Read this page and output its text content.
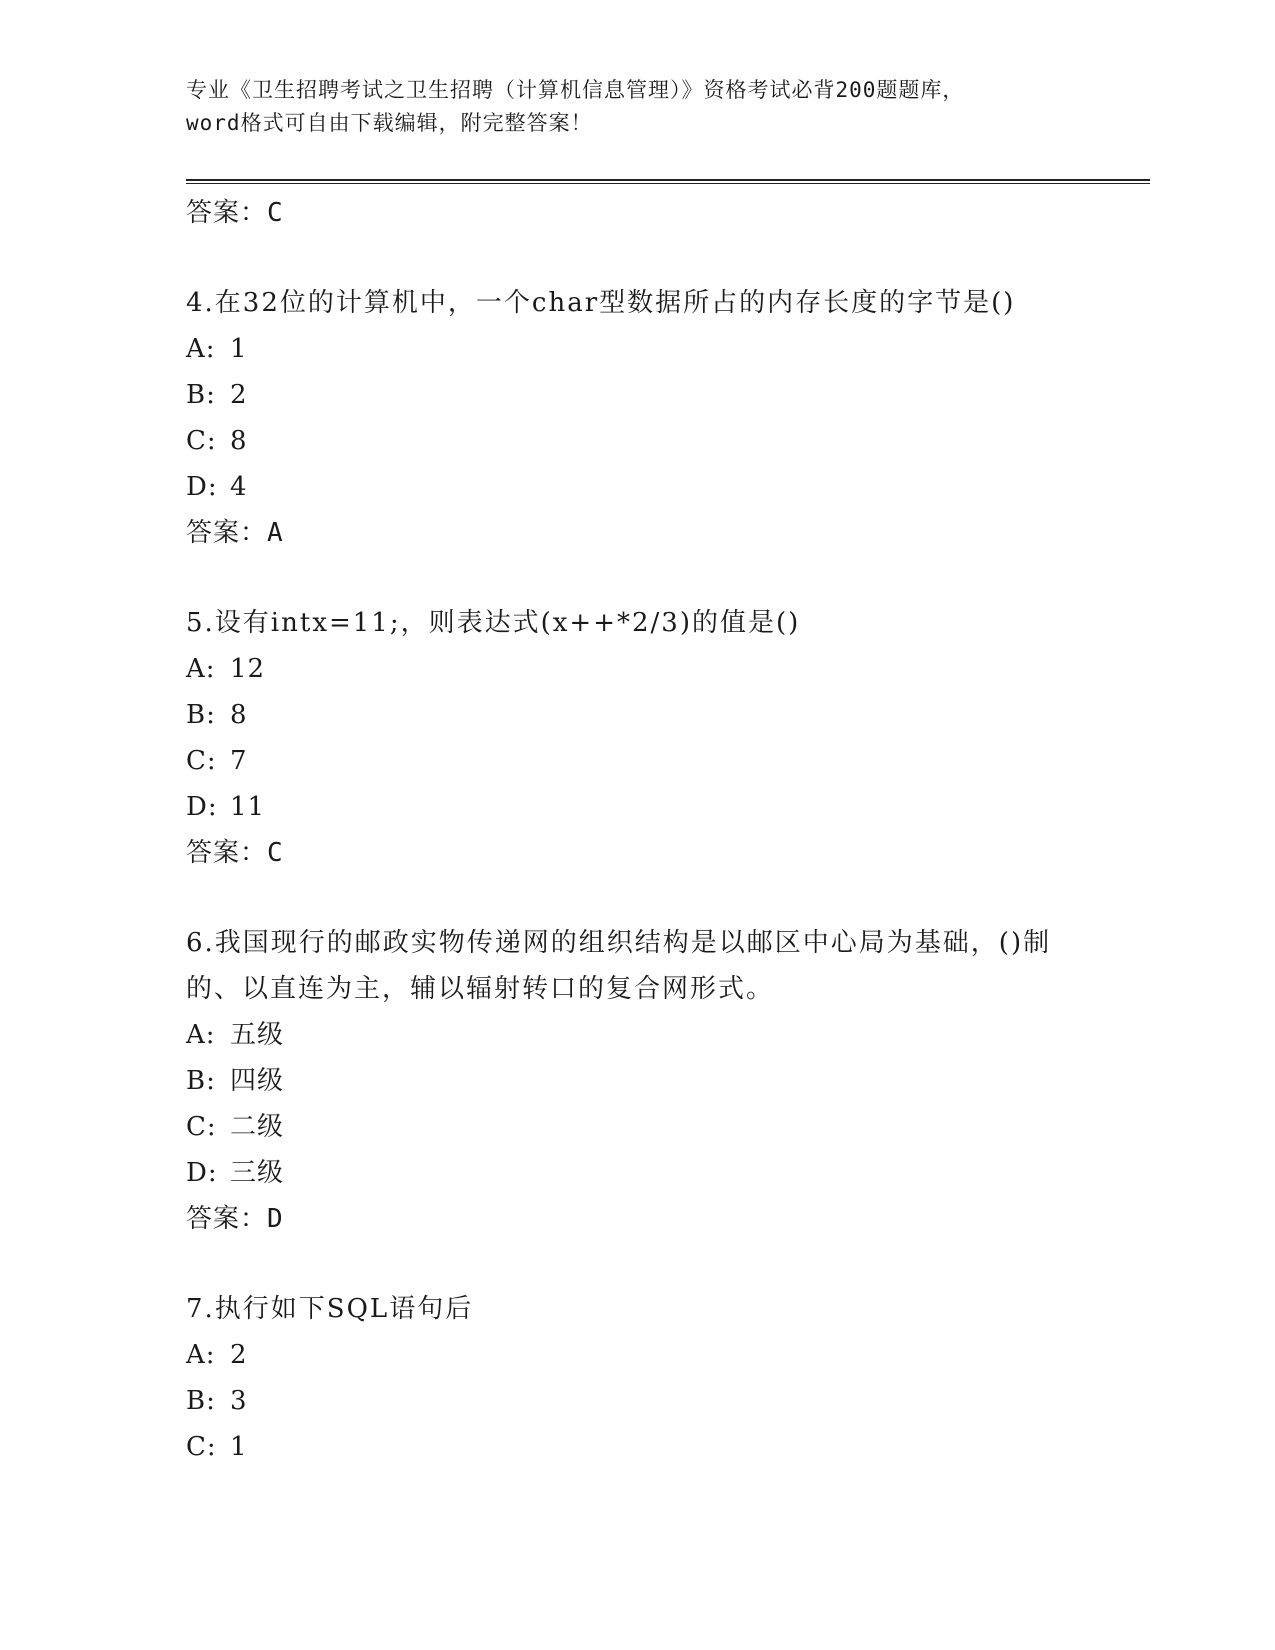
专业《卫生招聘考试之卫生招聘（计算机信息管理）》资格考试必背200题题库，
word格式可自由下载编辑，附完整答案！
答案：C
4.在32位的计算机中，一个char型数据所占的内存长度的字节是()
A: 1
B: 2
C: 8
D: 4
答案：A
5.设有intx=11;，则表达式(x++*2/3)的值是()
A: 12
B: 8
C: 7
D: 11
答案：C
6.我国现行的邮政实物传递网的组织结构是以邮区中心局为基础，()制的、以直连为主，辅以辐射转口的复合网形式。
A: 五级
B: 四级
C: 二级
D: 三级
答案：D
7.执行如下SQL语句后
A: 2
B: 3
C: 1
